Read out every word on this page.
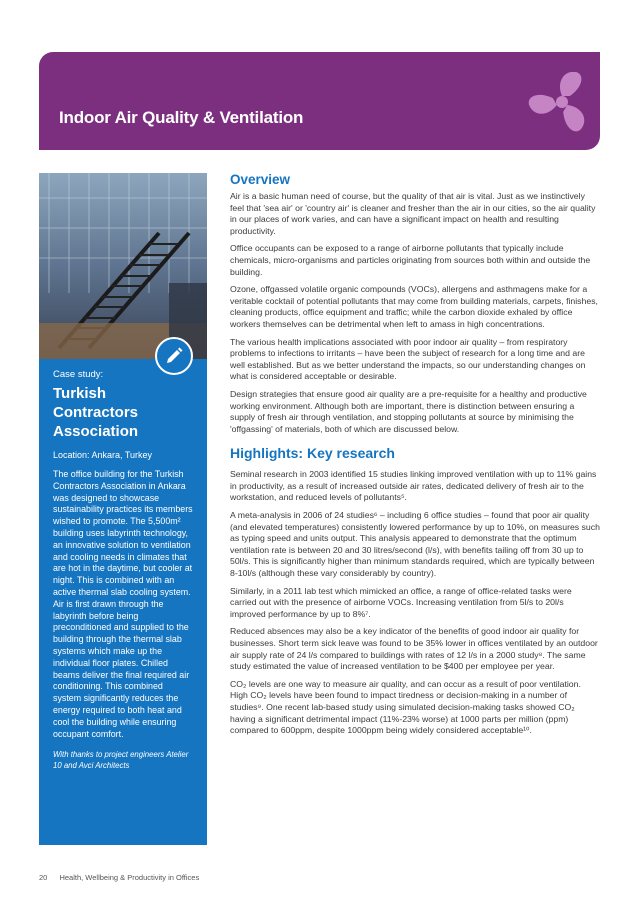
Indoor Air Quality & Ventilation
Case study:
Turkish Contractors Association
Location: Ankara, Turkey
The office building for the Turkish Contractors Association in Ankara was designed to showcase sustainability practices its members wished to promote. The 5,500m² building uses labyrinth technology, an innovative solution to ventilation and cooling needs in climates that are hot in the daytime, but cooler at night. This is combined with an active thermal slab cooling system. Air is first drawn through the labyrinth before being preconditioned and supplied to the building through the thermal slab systems which make up the individual floor plates. Chilled beams deliver the final required air conditioning. This combined system significantly reduces the energy required to both heat and cool the building while ensuring occupant comfort.
With thanks to project engineers Atelier 10 and Avci Architects
Overview

Air is a basic human need of course, but the quality of that air is vital. Just as we instinctively feel that 'sea air' or 'country air' is cleaner and fresher than the air in our cities, so the air quality in our places of work varies, and can have a significant impact on health and resulting productivity.

Office occupants can be exposed to a range of airborne pollutants that typically include chemicals, micro-organisms and particles originating from sources both within and outside the building.

Ozone, offgassed volatile organic compounds (VOCs), allergens and asthmagens make for a veritable cocktail of potential pollutants that may come from building materials, carpets, finishes, cleaning products, office equipment and traffic; while the carbon dioxide exhaled by office workers themselves can be detrimental when left to amass in high concentrations.

The various health implications associated with poor indoor air quality – from respiratory problems to infections to irritants – have been the subject of research for a long time and are well established. But as we better understand the impacts, so our understanding changes on what is considered acceptable or desirable.

Design strategies that ensure good air quality are a pre-requisite for a healthy and productive working environment. Although both are important, there is distinction between ensuring a supply of fresh air through ventilation, and stopping pollutants at source by minimising the 'offgassing' of materials, both of which are discussed below.

Highlights: Key research

Seminal research in 2003 identified 15 studies linking improved ventilation with up to 11% gains in productivity, as a result of increased outside air rates, dedicated delivery of fresh air to the workstation, and reduced levels of pollutants⁵.

A meta-analysis in 2006 of 24 studies⁶ – including 6 office studies – found that poor air quality (and elevated temperatures) consistently lowered performance by up to 10%, on measures such as typing speed and units output. This analysis appeared to demonstrate that the optimum ventilation rate is between 20 and 30 litres/second (l/s), with benefits tailing off from 30 up to 50l/s. This is significantly higher than minimum standards required, which are typically between 8-10l/s (although these vary considerably by country).

Similarly, in a 2011 lab test which mimicked an office, a range of office-related tasks were carried out with the presence of airborne VOCs. Increasing ventilation from 5l/s to 20l/s improved performance by up to 8%⁷.

Reduced absences may also be a key indicator of the benefits of good indoor air quality for businesses. Short term sick leave was found to be 35% lower in offices ventilated by an outdoor air supply rate of 24 l/s compared to buildings with rates of 12 l/s in a 2000 study⁸. The same study estimated the value of increased ventilation to be $400 per employee per year.

CO₂ levels are one way to measure air quality, and can occur as a result of poor ventilation. High CO₂ levels have been found to impact tiredness or decision-making in a number of studies⁹. One recent lab-based study using simulated decision-making tasks showed CO₂ having a significant detrimental impact (11%-23% worse) at 1000 parts per million (ppm) compared to 600ppm, despite 1000ppm being widely considered acceptable¹⁰.

20 Health, Wellbeing & Productivity in Offices
